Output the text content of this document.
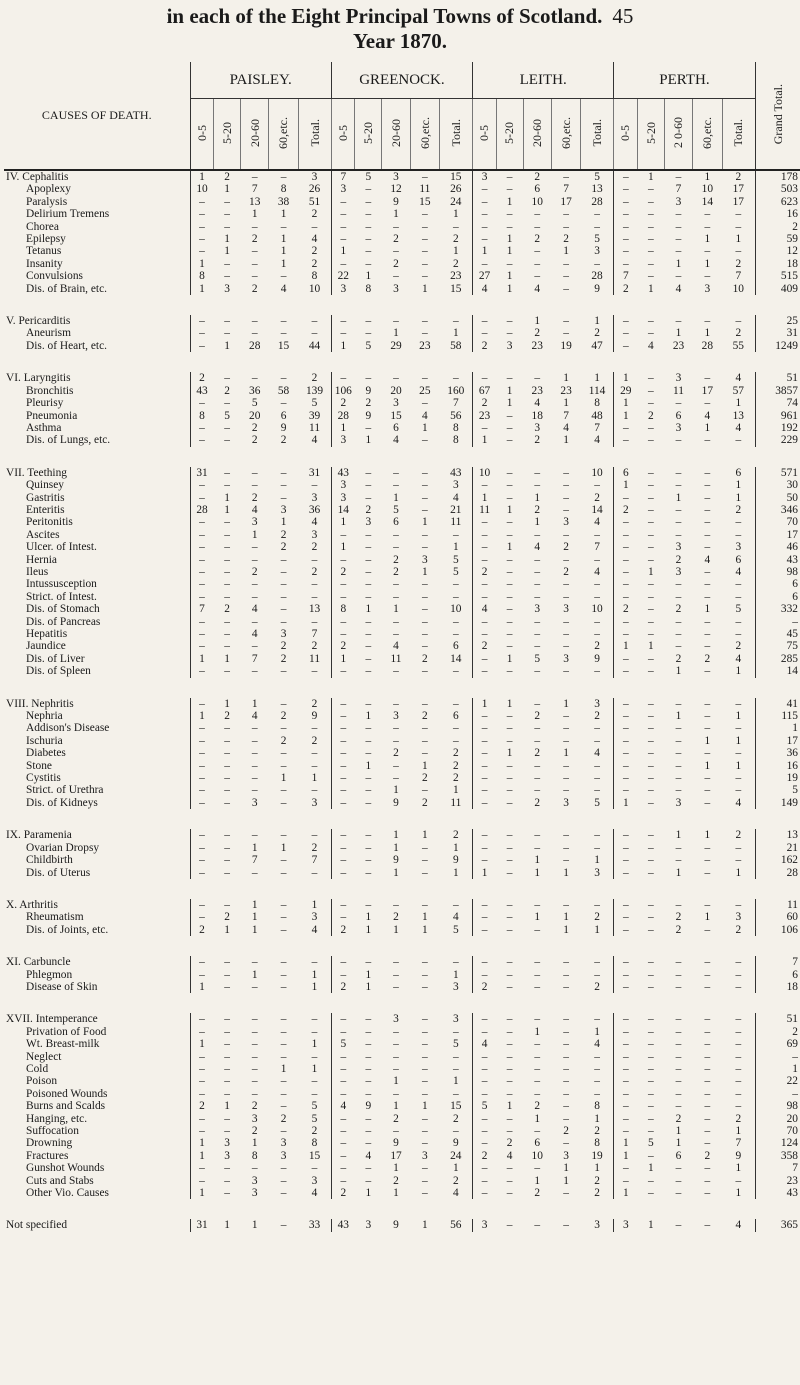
in each of the Eight Principal Towns of Scotland. 45
Year 1870.
CAUSES OF DEATH.	PAISLEY.					GREENOCK.					LEITH.					PERTH.					Grand Total.
	0-5	5-20	20-60	60,etc.	Total.	0-5	5-20	20-60	60,etc.	Total.	0-5	5-20	20-60	60,etc.	Total.	0-5	5-20	2 0-60	60,etc.	Total.	
IV. Cephalitis	1	2	–	–	3	7	5	3	–	15	3	–	2	–	5	–	1	–	1	2	178
Apoplexy	10	1	7	8	26	3	–	12	11	26	–	–	6	7	13	–	–	7	10	17	503
Paralysis	–	–	13	38	51	–	–	9	15	24	–	1	10	17	28	–	–	3	14	17	623
Delirium Tremens	–	–	1	1	2	–	–	1	–	1	–	–	–	–	–	–	–	–	–	–	16
Chorea	–	–	–	–	–	–	–	–	–	–	–	–	–	–	–	–	–	–	–	–	2
Epilepsy	–	1	2	1	4	–	–	2	–	2	–	1	2	2	5	–	–	–	1	1	59
Tetanus	–	1	–	1	2	1	–	–	–	1	1	1	–	1	3	–	–	–	–	–	12
Insanity	1	–	–	1	2	–	–	2	–	2	–	–	–	–	–	–	–	1	1	2	18
Convulsions	8	–	–	–	8	22	1	–	–	23	27	1	–	–	28	7	–	–	–	7	515
Dis. of Brain, etc.	1	3	2	4	10	3	8	3	1	15	4	1	4	–	9	2	1	4	3	10	409

V. Pericarditis	–	–	–	–	–	–	–	–	–	–	–	–	1	–	1	–	–	–	–	–	25
Aneurism	–	–	–	–	–	–	–	1	–	1	–	–	2	–	2	–	–	1	1	2	31
Dis. of Heart, etc.	–	1	28	15	44	1	5	29	23	58	2	3	23	19	47	–	4	23	28	55	1249

VI. Laryngitis	2	–	–	–	2	–	–	–	–	–	–	–	–	1	1	1	–	3	–	4	51
Bronchitis	43	2	36	58	139	106	9	20	25	160	67	1	23	23	114	29	–	11	17	57	3857
Pleurisy	–	–	5	–	5	2	2	3	–	7	2	1	4	1	8	1	–	–	–	1	74
Pneumonia	8	5	20	6	39	28	9	15	4	56	23	–	18	7	48	1	2	6	4	13	961
Asthma	–	–	2	9	11	1	–	6	1	8	–	–	3	4	7	–	–	3	1	4	192
Dis. of Lungs, etc.	–	–	2	2	4	3	1	4	–	8	1	–	2	1	4	–	–	–	–	–	229

VII. Teething	31	–	–	–	31	43	–	–	–	43	10	–	–	–	10	6	–	–	–	6	571
Quinsey	–	–	–	–	–	3	–	–	–	3	–	–	–	–	–	1	–	–	–	1	30
Gastritis	–	1	2	–	3	3	–	1	–	4	1	–	1	–	2	–	–	1	–	1	50
Enteritis	28	1	4	3	36	14	2	5	–	21	11	1	2	–	14	2	–	–	–	2	346
Peritonitis	–	–	3	1	4	1	3	6	1	11	–	–	1	3	4	–	–	–	–	–	70
Ascites	–	–	1	2	3	–	–	–	–	–	–	–	–	–	–	–	–	–	–	–	17
Ulcer. of Intest.	–	–	–	2	2	1	–	–	–	1	–	1	4	2	7	–	–	3	–	3	46
Hernia	–	–	–	–	–	–	–	2	3	5	–	–	–	–	–	–	–	2	4	6	43
Ileus	–	–	2	–	2	2	–	2	1	5	2	–	–	2	4	–	1	3	–	4	98
Intussusception	–	–	–	–	–	–	–	–	–	–	–	–	–	–	–	–	–	–	–	–	6
Strict. of Intest.	–	–	–	–	–	–	–	–	–	–	–	–	–	–	–	–	–	–	–	–	6
Dis. of Stomach	7	2	4	–	13	8	1	1	–	10	4	–	3	3	10	2	–	2	1	5	332
Dis. of Pancreas	–	–	–	–	–	–	–	–	–	–	–	–	–	–	–	–	–	–	–	–	–
Hepatitis	–	–	4	3	7	–	–	–	–	–	–	–	–	–	–	–	–	–	–	–	45
Jaundice	–	–	–	2	2	2	–	4	–	6	2	–	–	–	2	1	1	–	–	2	75
Dis. of Liver	1	1	7	2	11	1	–	11	2	14	–	1	5	3	9	–	–	2	2	4	285
Dis. of Spleen	–	–	–	–	–	–	–	–	–	–	–	–	–	–	–	–	–	1	–	1	14

VIII. Nephritis	–	1	1	–	2	–	–	–	–	–	1	1	–	1	3	–	–	–	–	–	41
Nephria	1	2	4	2	9	–	1	3	2	6	–	–	2	–	2	–	–	1	–	1	115
Addison's Disease	–	–	–	–	–	–	–	–	–	–	–	–	–	–	–	–	–	–	–	–	1
Ischuria	–	–	–	2	2	–	–	–	–	–	–	–	–	–	–	–	–	–	1	1	17
Diabetes	–	–	–	–	–	–	–	2	–	2	–	1	2	1	4	–	–	–	–	–	36
Stone	–	–	–	–	–	–	1	–	1	2	–	–	–	–	–	–	–	–	1	1	16
Cystitis	–	–	–	1	1	–	–	–	2	2	–	–	–	–	–	–	–	–	–	–	19
Strict. of Urethra	–	–	–	–	–	–	–	1	–	1	–	–	–	–	–	–	–	–	–	–	5
Dis. of Kidneys	–	–	3	–	3	–	–	9	2	11	–	–	2	3	5	1	–	3	–	4	149

IX. Paramenia	–	–	–	–	–	–	–	1	1	2	–	–	–	–	–	–	–	1	1	2	13
Ovarian Dropsy	–	–	1	1	2	–	–	1	–	1	–	–	–	–	–	–	–	–	–	–	21
Childbirth	–	–	7	–	7	–	–	9	–	9	–	–	1	–	1	–	–	–	–	–	162
Dis. of Uterus	–	–	–	–	–	–	–	1	–	1	1	–	1	1	3	–	–	1	–	1	28

X. Arthritis	–	–	1	–	1	–	–	–	–	–	–	–	–	–	–	–	–	–	–	–	11
Rheumatism	–	2	1	–	3	–	1	2	1	4	–	–	1	1	2	–	–	2	1	3	60
Dis. of Joints, etc.	2	1	1	–	4	2	1	1	1	5	–	–	–	1	1	–	–	2	–	2	106

XI. Carbuncle	–	–	–	–	–	–	–	–	–	–	–	–	–	–	–	–	–	–	–	–	7
Phlegmon	–	–	1	–	1	–	1	–	–	1	–	–	–	–	–	–	–	–	–	–	6
Disease of Skin	1	–	–	–	1	2	1	–	–	3	2	–	–	–	2	–	–	–	–	–	18

XVII. Intemperance	–	–	–	–	–	–	–	3	–	3	–	–	–	–	–	–	–	–	–	–	51
Privation of Food	–	–	–	–	–	–	–	–	–	–	–	–	1	–	1	–	–	–	–	–	2
Wt. Breast-milk	1	–	–	–	1	5	–	–	–	5	4	–	–	–	4	–	–	–	–	–	69
Neglect	–	–	–	–	–	–	–	–	–	–	–	–	–	–	–	–	–	–	–	–	–
Cold	–	–	–	1	1	–	–	–	–	–	–	–	–	–	–	–	–	–	–	–	1
Poison	–	–	–	–	–	–	–	1	–	1	–	–	–	–	–	–	–	–	–	–	22
Poisoned Wounds	–	–	–	–	–	–	–	–	–	–	–	–	–	–	–	–	–	–	–	–	–
Burns and Scalds	2	1	2	–	5	4	9	1	1	15	5	1	2	–	8	–	–	–	–	–	98
Hanging, etc.	–	–	3	2	5	–	–	2	–	2	–	–	1	–	1	–	–	2	–	2	20
Suffocation	–	–	2	–	2	–	–	–	–	–	–	–	–	2	2	–	–	1	–	1	70
Drowning	1	3	1	3	8	–	–	9	–	9	–	2	6	–	8	1	5	1	–	7	124
Fractures	1	3	8	3	15	–	4	17	3	24	2	4	10	3	19	1	–	6	2	9	358
Gunshot Wounds	–	–	–	–	–	–	–	1	–	1	–	–	–	1	1	–	1	–	–	1	7
Cuts and Stabs	–	–	3	–	3	–	–	2	–	2	–	–	1	1	2	–	–	–	–	–	23
Other Vio. Causes	1	–	3	–	4	2	1	1	–	4	–	–	2	–	2	1	–	–	–	1	43

Not specified	31	1	1	–	33	43	3	9	1	56	3	–	–	–	3	3	1	–	–	4	365
